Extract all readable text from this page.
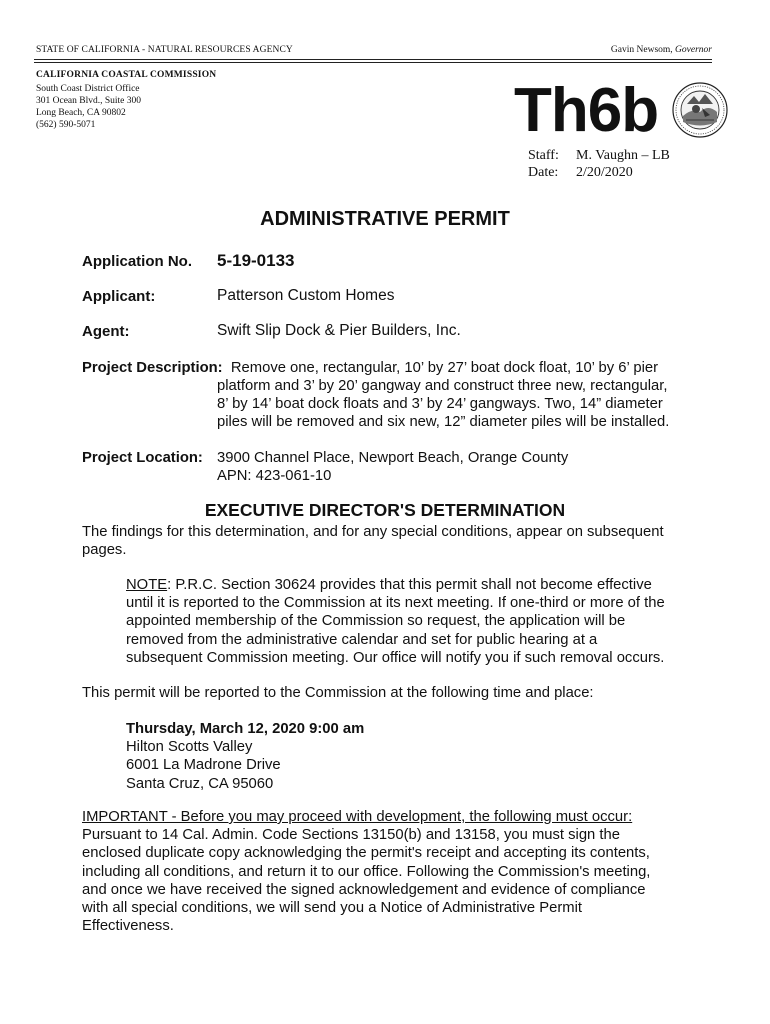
STATE OF CALIFORNIA - NATURAL RESOURCES AGENCY	Gavin Newsom, Governor
CALIFORNIA COASTAL COMMISSION
South Coast District Office
301 Ocean Blvd., Suite 300
Long Beach, CA 90802
(562) 590-5071	Th6b
Staff: M. Vaughn – LB
Date: 2/20/2020
ADMINISTRATIVE PERMIT
Application No. 5-19-0133
Applicant:	Patterson Custom Homes
Agent:	Swift Slip Dock & Pier Builders, Inc.
Project Description: Remove one, rectangular, 10’ by 27’ boat dock float, 10’ by 6’ pier
platform and 3’ by 20’ gangway and construct three new, rectangular,
8’ by 14’ boat dock floats and 3’ by 24’ gangways. Two, 14” diameter
piles will be removed and six new, 12” diameter piles will be installed.
Project Location: 3900 Channel Place, Newport Beach, Orange County
APN: 423-061-10
EXECUTIVE DIRECTOR'S DETERMINATION
The findings for this determination, and for any special conditions, appear on subsequent
pages.
NOTE: P.R.C. Section 30624 provides that this permit shall not become effective
until it is reported to the Commission at its next meeting. If one-third or more of the
appointed membership of the Commission so request, the application will be
removed from the administrative calendar and set for public hearing at a
subsequent Commission meeting. Our office will notify you if such removal occurs.
This permit will be reported to the Commission at the following time and place:
Thursday, March 12, 2020 9:00 am
Hilton Scotts Valley
6001 La Madrone Drive
Santa Cruz, CA 95060
IMPORTANT - Before you may proceed with development, the following must occur:
Pursuant to 14 Cal. Admin. Code Sections 13150(b) and 13158, you must sign the
enclosed duplicate copy acknowledging the permit's receipt and accepting its contents,
including all conditions, and return it to our office. Following the Commission's meeting,
and once we have received the signed acknowledgement and evidence of compliance
with all special conditions, we will send you a Notice of Administrative Permit
Effectiveness.
